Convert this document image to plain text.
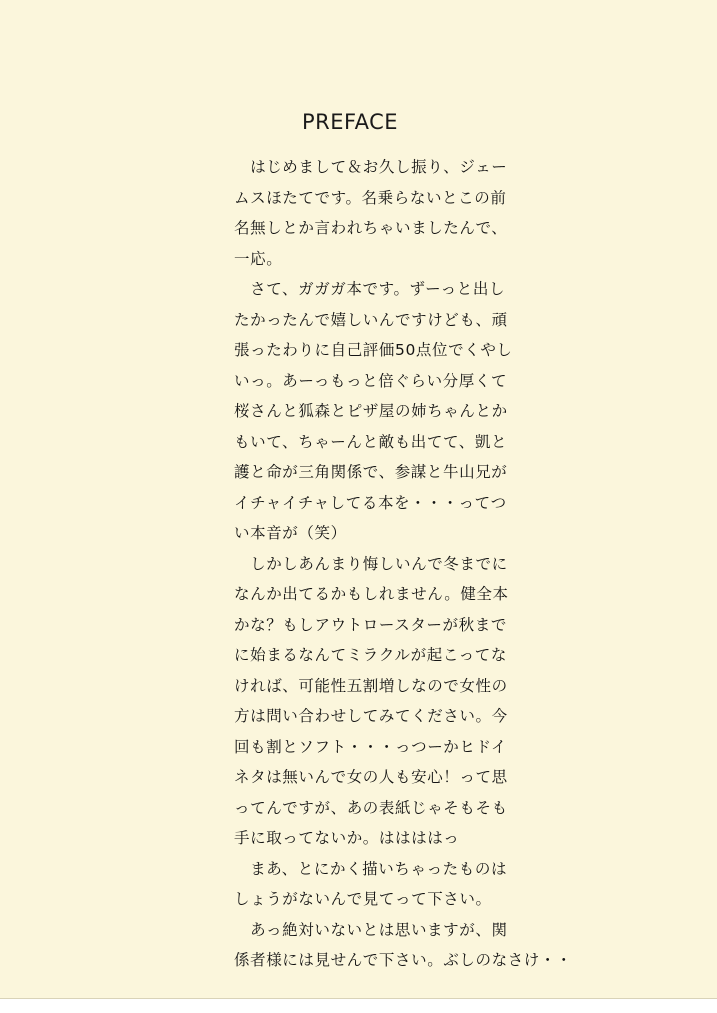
PREFACE
　はじめまして＆お久し振り、ジェー
ムスほたてです。名乗らないとこの前
名無しとか言われちゃいましたんで、
一応。
　さて、ガガガ本です。ずーっと出し
たかったんで嬉しいんですけども、頑
張ったわりに自己評価50点位でくやし
いっ。あーっもっと倍ぐらい分厚くて
桜さんと狐森とピザ屋の姉ちゃんとか
もいて、ちゃーんと敵も出てて、凱と
護と命が三角関係で、参謀と牛山兄が
イチャイチャしてる本を・・・ってつ
い本音が（笑）
　しかしあんまり悔しいんで冬までに
なんか出てるかもしれません。健全本
かな？もしアウトロースターが秋まで
に始まるなんてミラクルが起こってな
ければ、可能性五割増しなので女性の
方は問い合わせしてみてください。今
回も割とソフト・・・っつーかヒドイ
ネタは無いんで女の人も安心！って思
ってんですが、あの表紙じゃそもそも
手に取ってないか。ははははっ
　まあ、とにかく描いちゃったものは
しょうがないんで見てって下さい。
　あっ絶対いないとは思いますが、関
係者様には見せんで下さい。ぶしのなさけ・・
